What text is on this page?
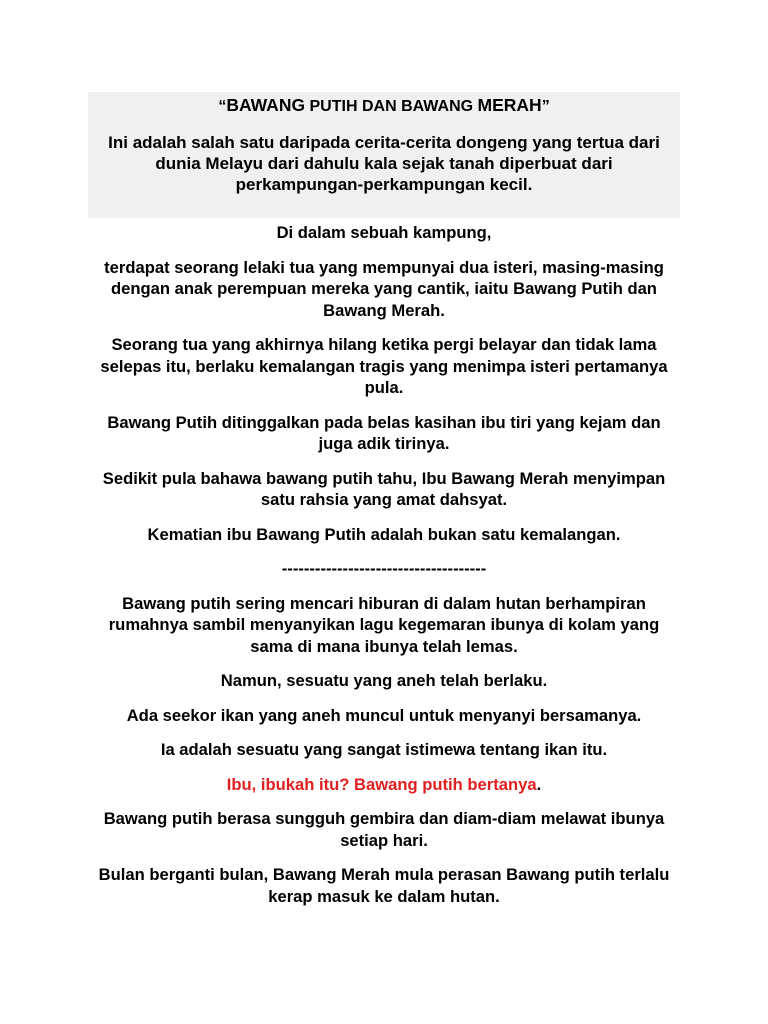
“BAWANG PUTIH DAN BAWANG MERAH”

Ini adalah salah satu daripada cerita-cerita dongeng yang tertua dari dunia Melayu dari dahulu kala sejak tanah diperbuat dari perkampungan-perkampungan kecil.

Di dalam sebuah kampung,

terdapat seorang lelaki tua yang mempunyai dua isteri, masing-masing dengan anak perempuan mereka yang cantik, iaitu Bawang Putih dan Bawang Merah.

Seorang tua yang akhirnya hilang ketika pergi belayar dan tidak lama selepas itu, berlaku kemalangan tragis yang menimpa isteri pertamanya pula.

Bawang Putih ditinggalkan pada belas kasihan ibu tiri yang kejam dan juga adik tirinya.

Sedikit pula bahawa bawang putih tahu, Ibu Bawang Merah menyimpan satu rahsia yang amat dahsyat.

Kematian ibu Bawang Putih adalah bukan satu kemalangan.

-------------------------------------

Bawang putih sering mencari hiburan di dalam hutan berhampiran rumahnya sambil menyanyikan lagu kegemaran ibunya di kolam yang sama di mana ibunya telah lemas.

Namun, sesuatu yang aneh telah berlaku.

Ada seekor ikan yang aneh muncul untuk menyanyi bersamanya.

Ia adalah sesuatu yang sangat istimewa tentang ikan itu.

Ibu, ibukah itu? Bawang putih bertanya.

Bawang putih berasa sungguh gembira dan diam-diam melawat ibunya setiap hari.

Bulan berganti bulan, Bawang Merah mula perasan Bawang putih terlalu kerap masuk ke dalam hutan.
